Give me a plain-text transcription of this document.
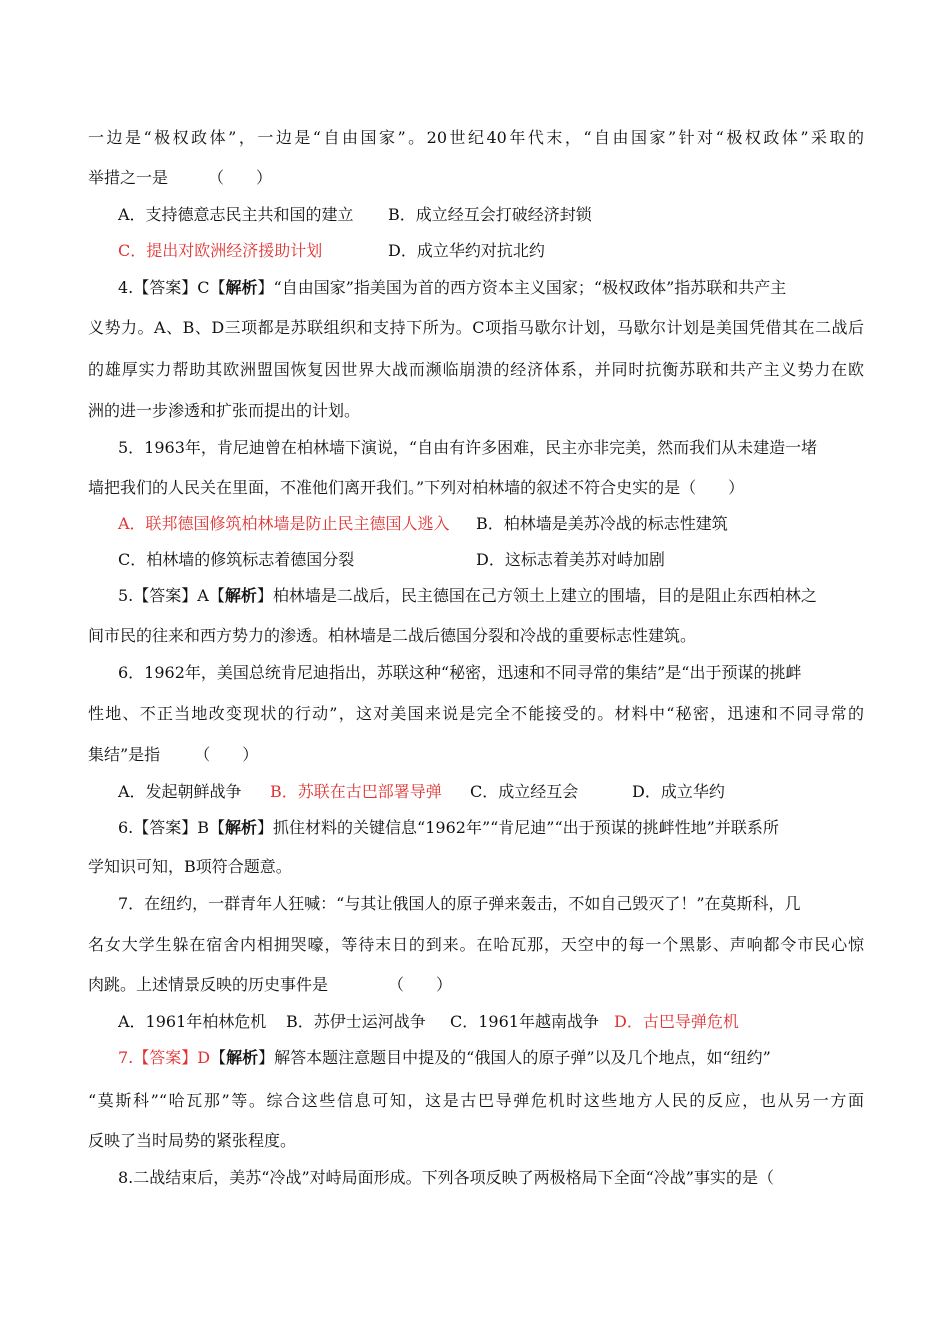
一边是“极权政体”，一边是“自由国家”。20世纪40年代末，“自由国家”针对“极权政体”采取的
举措之一是	（　　）
A．支持德意志民主共和国的建立 B．成立经互会打破经济封锁
C．提出对欧洲经济援助计划	D．成立华约对抗北约
4.【答案】C【解析】“自由国家”指美国为首的西方资本主义国家；“极权政体”指苏联和共产主
义势力。A、B、D三项都是苏联组织和支持下所为。C项指马歇尔计划，马歇尔计划是美国凭借其在二战后
的雄厚实力帮助其欧洲盟国恢复因世界大战而濒临崩溃的经济体系，并同时抗衡苏联和共产主义势力在欧
洲的进一步渗透和扩张而提出的计划。
5．1963年，肯尼迪曾在柏林墙下演说，“自由有许多困难，民主亦非完美，然而我们从未建造一堵
墙把我们的人民关在里面，不准他们离开我们。”下列对柏林墙的叙述不符合史实的是（　　）
A．联邦德国修筑柏林墙是防止民主德国人逃入 B．柏林墙是美苏冷战的标志性建筑
C．柏林墙的修筑标志着德国分裂	D．这标志着美苏对峙加剧
5.【答案】A【解析】柏林墙是二战后，民主德国在己方领土上建立的围墙，目的是阻止东西柏林之
间市民的往来和西方势力的渗透。柏林墙是二战后德国分裂和冷战的重要标志性建筑。
6．1962年，美国总统肯尼迪指出，苏联这种“秘密，迅速和不同寻常的集结”是“出于预谋的挑衅
性地、不正当地改变现状的行动”，这对美国来说是完全不能接受的。材料中“秘密，迅速和不同寻常的
集结”是指 （　　）
A．发起朝鲜战争 B．苏联在古巴部署导弹 C．成立经互会	D．成立华约
6.【答案】B【解析】抓住材料的关键信息“1962年”“肯尼迪”“出于预谋的挑衅性地”并联系所
学知识可知，B项符合题意。
7．在纽约，一群青年人狂喊：“与其让俄国人的原子弹来轰击，不如自己毁灭了！”在莫斯科，几
名女大学生躲在宿舍内相拥哭嚎，等待末日的到来。在哈瓦那，天空中的每一个黑影、声响都令市民心惊
肉跳。上述情景反映的历史事件是	（　　）
A．1961年柏林危机 B．苏伊士运河战争 C．1961年越南战争 D．古巴导弹危机
7.【答案】D【解析】解答本题注意题目中提及的“俄国人的原子弹”以及几个地点，如“纽约”
“莫斯科”“哈瓦那”等。综合这些信息可知，这是古巴导弹危机时这些地方人民的反应，也从另一方面
反映了当时局势的紧张程度。
8.二战结束后，美苏“冷战”对峙局面形成。下列各项反映了两极格局下全面“冷战”事实的是（
